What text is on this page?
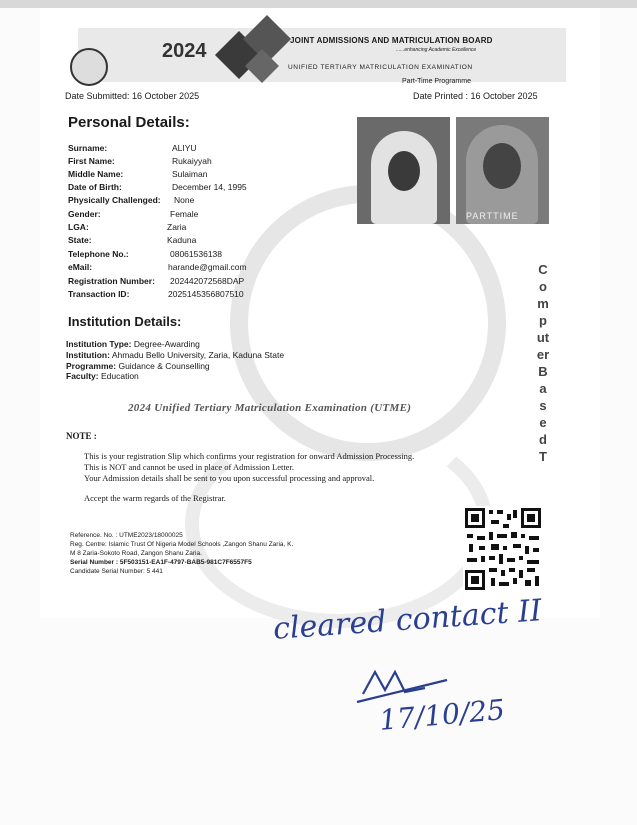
2024	JOINT ADMISSIONS AND MATRICULATION BOARD
......enhancing Academic Excellence
UNIFIED TERTIARY MATRICULATION EXAMINATION
Part-Time Programme
Date Submitted: 16 October 2025	Date Printed : 16 October 2025
Personal Details:
Surname:	ALIYU
First Name:	Rukaiyyah
Middle Name:	Sulaiman
Date of Birth:	December 14, 1995
Physically Challenged: None
Gender:	Female
LGA:	Zaria
State:	Kaduna
Telephone No.:	08061536138
eMail:	harande@gmail.com
Registration Number: 202442072568DAP
Transaction ID:	2025145356807510
PARTTIME
Computer Based T
Institution Details:
Institution Type: Degree-Awarding
Institution: Ahmadu Bello University, Zaria, Kaduna State
Programme: Guidance & Counselling
Faculty: Education
2024 Unified Tertiary Matriculation Examination (UTME)
NOTE :
This is your registration Slip which confirms your registration for onward Admission Processing.
This is NOT and cannot be used in place of Admission Letter.
Your Admission details shall be sent to you upon successful processing and approval.
Accept the warm regards of the Registrar.
Reference. No. : UTME2023/18000025
Reg. Centre: Islamic Trust Of Nigeria Model Schools ,Zangon Shanu Zaria, K.
M 8 Zaria-Sokoto Road, Zangon Shanu Zaria.
Serial Number : 5F503151-EA1F-4797-BAB5-981C7F6557F5
Candidate Serial Number: 5 441
cleared contact II
17/10/25
